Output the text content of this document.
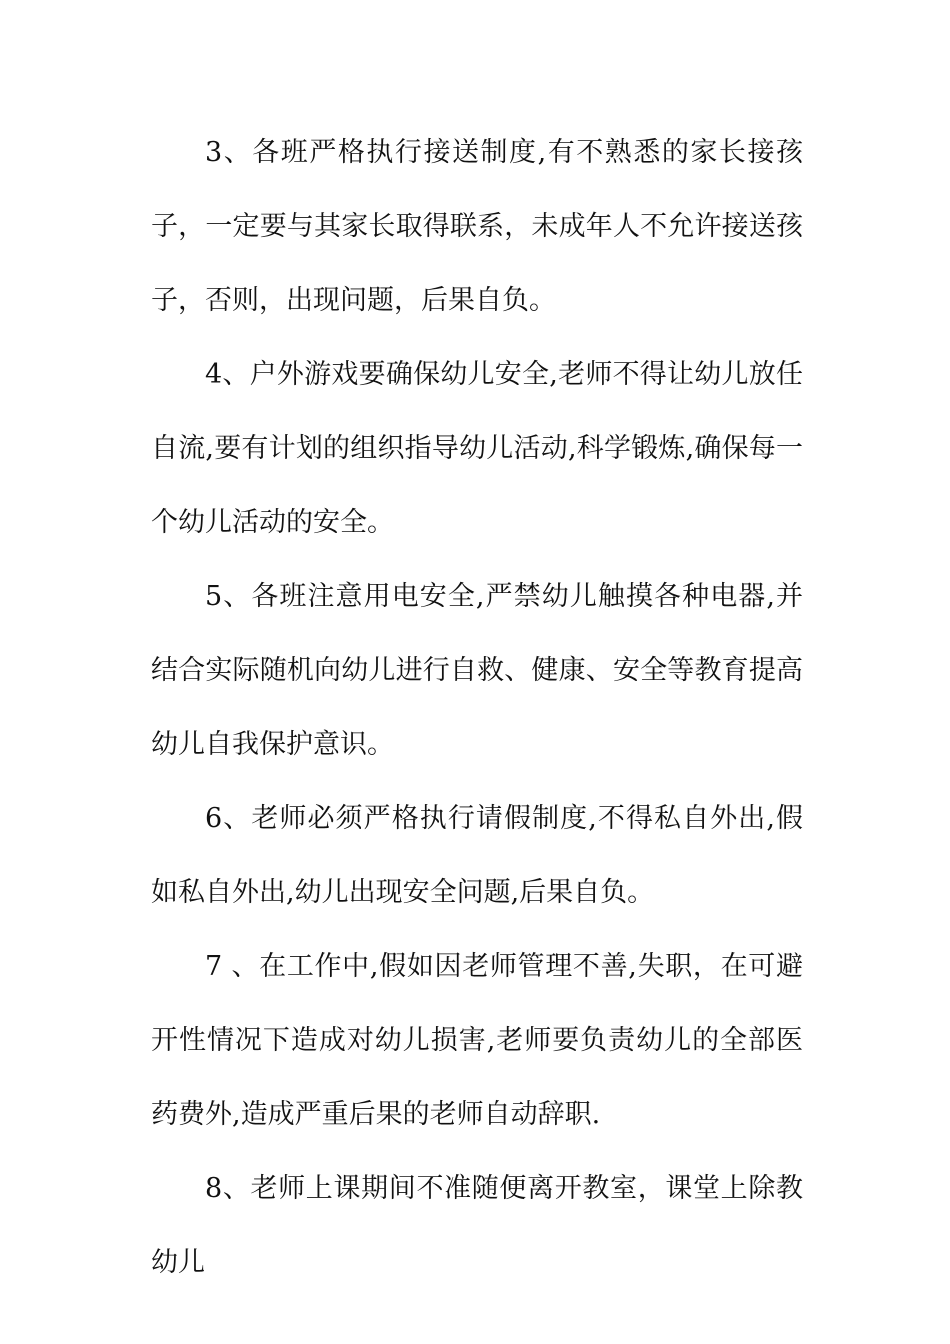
3、各班严格执行接送制度,有不熟悉的家长接孩子，一定要与其家长取得联系，未成年人不允许接送孩子，否则，出现问题，后果自负。

4、户外游戏要确保幼儿安全,老师不得让幼儿放任自流,要有计划的组织指导幼儿活动,科学锻炼,确保每一个幼儿活动的安全。

5、各班注意用电安全,严禁幼儿触摸各种电器,并结合实际随机向幼儿进行自救、健康、安全等教育提高幼儿自我保护意识。

6、老师必须严格执行请假制度,不得私自外出,假如私自外出,幼儿出现安全问题,后果自负。

7 、在工作中,假如因老师管理不善,失职，在可避开性情况下造成对幼儿损害,老师要负责幼儿的全部医药费外,造成严重后果的老师自动辞职.

8、老师上课期间不准随便离开教室，课堂上除教幼儿
